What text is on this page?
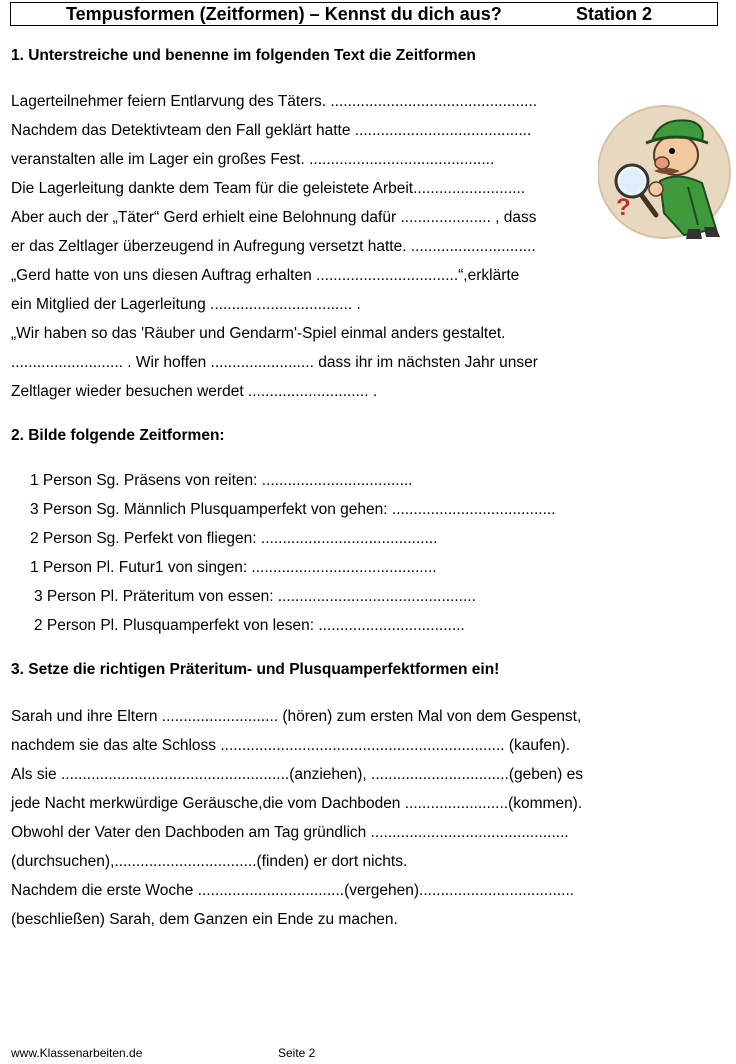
Tempusformen (Zeitformen) – Kennst du dich aus?	Station 2
1. Unterstreiche und benenne im folgenden Text die Zeitformen
Lagerteilnehmer feiern Entlarvung des Täters. ................................................
Nachdem das Detektivteam den Fall geklärt hatte .........................................
veranstalten alle im Lager ein großes Fest. ...........................................
Die Lagerleitung dankte dem Team für die geleistete Arbeit..........................
Aber auch der „Täter“ Gerd erhielt eine Belohnung dafür ..................... , dass
er das Zeltlager überzeugend in Aufregung versetzt hatte. .............................
„Gerd hatte von uns diesen Auftrag erhalten .................................“,erklärte
ein Mitglied der Lagerleitung ................................. .
„Wir haben so das 'Räuber und Gendarm'-Spiel einmal anders gestaltet.
.......................... . Wir hoffen ........................ dass ihr im nächsten Jahr unser
Zeltlager wieder besuchen werdet ............................ .
?
2. Bilde folgende Zeitformen:
1 Person Sg. Präsens von reiten: ...................................
3 Person Sg. Männlich Plusquamperfekt von gehen: ......................................
2 Person Sg. Perfekt von fliegen: .........................................
1 Person Pl. Futur1 von singen: ...........................................
3 Person Pl. Präteritum von essen: ..............................................
2 Person Pl. Plusquamperfekt von lesen: ..................................
3. Setze die richtigen Präteritum- und Plusquamperfektformen ein!
Sarah und ihre Eltern ........................... (hören) zum ersten Mal von dem Gespenst,
nachdem sie das alte Schloss .................................................................. (kaufen).
Als sie .....................................................(anziehen), ................................(geben) es
jede Nacht merkwürdige Geräusche,die vom Dachboden ........................(kommen).
Obwohl der Vater den Dachboden am Tag gründlich ..............................................
(durchsuchen),.................................(finden) er dort nichts.
Nachdem die erste Woche ..................................(vergehen)....................................
(beschließen) Sarah, dem Ganzen ein Ende zu machen.
www.Klassenarbeiten.de	Seite 2
